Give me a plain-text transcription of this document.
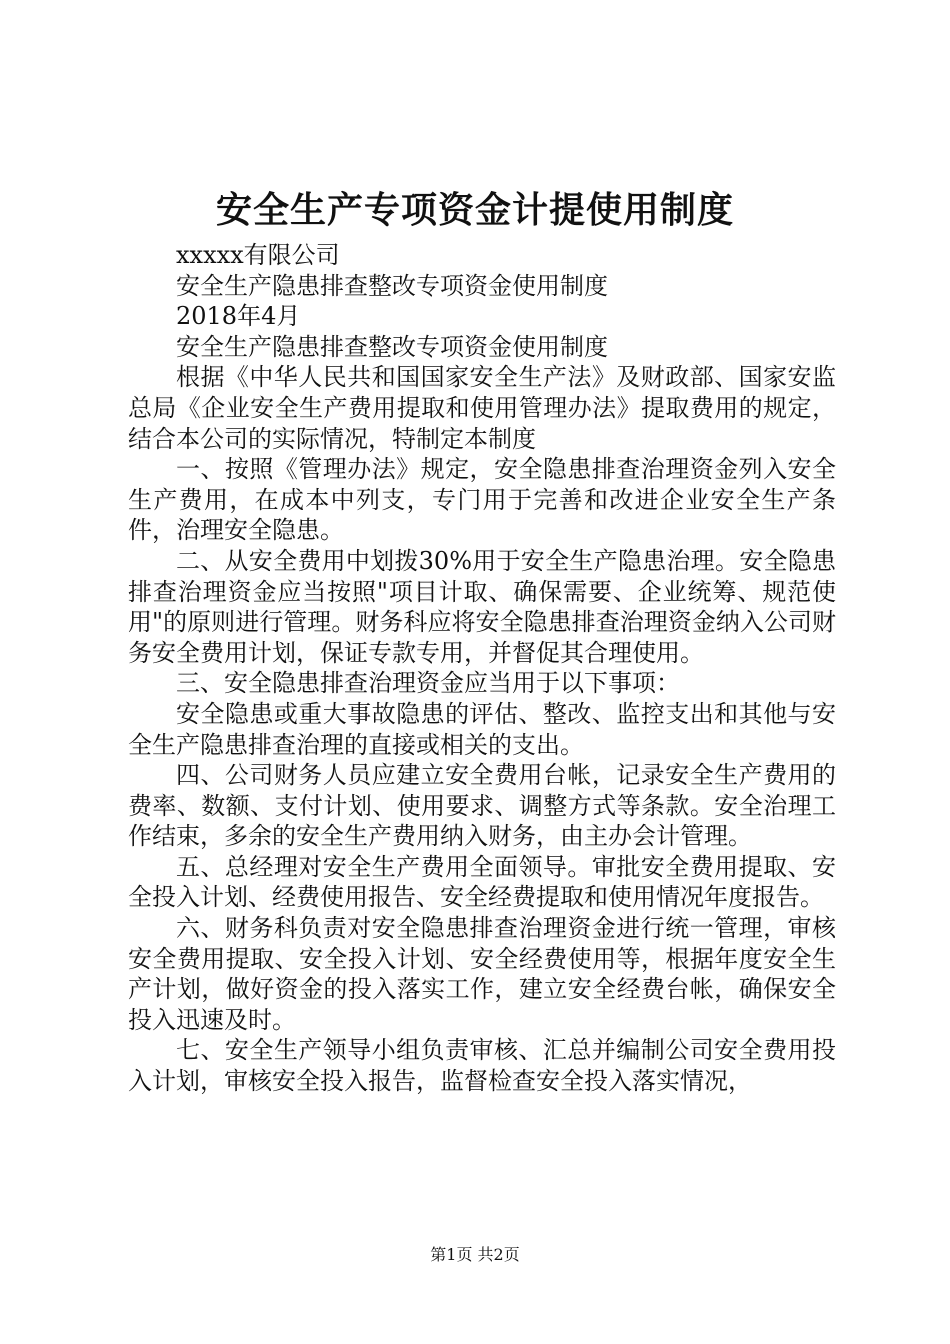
安全生产专项资金计提使用制度

xxxxx有限公司

安全生产隐患排查整改专项资金使用制度

2018年4月

安全生产隐患排查整改专项资金使用制度

根据《中华人民共和国国家安全生产法》及财政部、国家安监总局《企业安全生产费用提取和使用管理办法》提取费用的规定，结合本公司的实际情况，特制定本制度

一、按照《管理办法》规定，安全隐患排查治理资金列入安全生产费用，在成本中列支，专门用于完善和改进企业安全生产条件，治理安全隐患。

二、从安全费用中划拨30%用于安全生产隐患治理。安全隐患排查治理资金应当按照"项目计取、确保需要、企业统筹、规范使用"的原则进行管理。财务科应将安全隐患排查治理资金纳入公司财务安全费用计划，保证专款专用，并督促其合理使用。

三、安全隐患排查治理资金应当用于以下事项：

安全隐患或重大事故隐患的评估、整改、监控支出和其他与安全生产隐患排查治理的直接或相关的支出。

四、公司财务人员应建立安全费用台帐，记录安全生产费用的费率、数额、支付计划、使用要求、调整方式等条款。安全治理工作结束，多余的安全生产费用纳入财务，由主办会计管理。

五、总经理对安全生产费用全面领导。审批安全费用提取、安全投入计划、经费使用报告、安全经费提取和使用情况年度报告。

六、财务科负责对安全隐患排查治理资金进行统一管理，审核安全费用提取、安全投入计划、安全经费使用等，根据年度安全生产计划，做好资金的投入落实工作，建立安全经费台帐，确保安全投入迅速及时。

七、安全生产领导小组负责审核、汇总并编制公司安全费用投入计划，审核安全投入报告，监督检查安全投入落实情况，

第1页 共2页
